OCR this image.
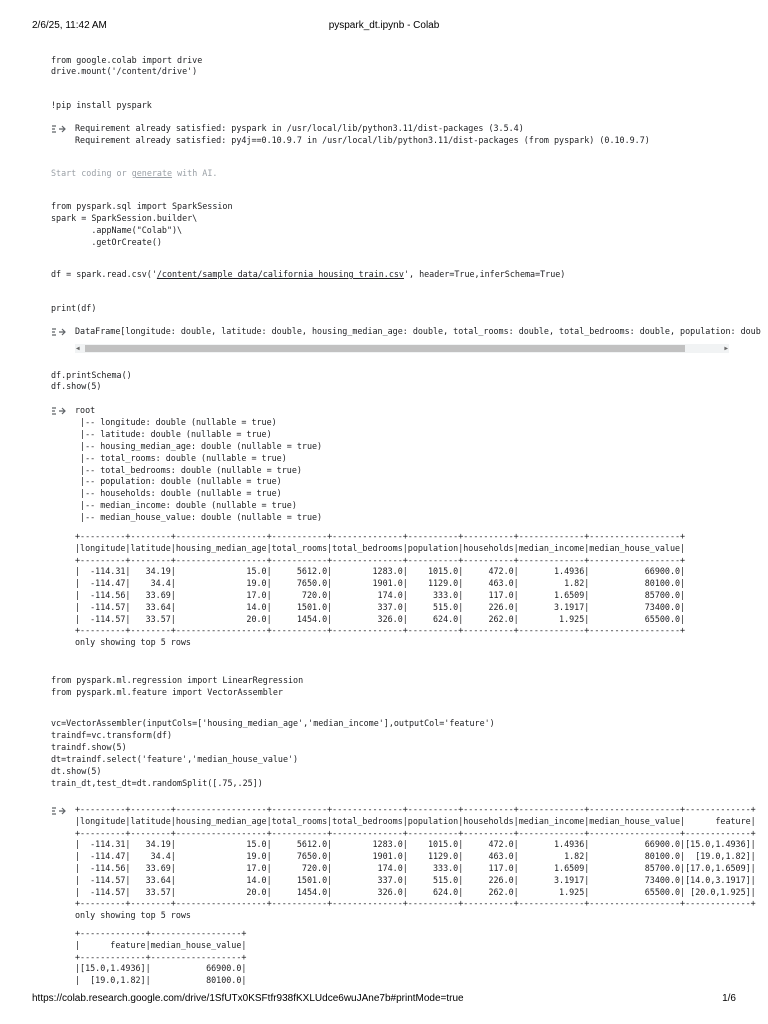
2/6/25, 11:42 AM	pyspark_dt.ipynb - Colab
from google.colab import drive
drive.mount('/content/drive')
!pip install pyspark
Requirement already satisfied: pyspark in /usr/local/lib/python3.11/dist-packages (3.5.4)
Requirement already satisfied: py4j==0.10.9.7 in /usr/local/lib/python3.11/dist-packages (from pyspark) (0.10.9.7)
Start coding or generate with AI.
from pyspark.sql import SparkSession
spark = SparkSession.builder\
.appName("Colab")\
.getOrCreate()
df = spark.read.csv('/content/sample_data/california_housing_train.csv', header=True,inferSchema=True)
print(df)
DataFrame[longitude: double, latitude: double, housing_median_age: double, total_rooms: double, total_bedrooms: double, population: doub
◀	▶
df.printSchema()
df.show(5)
root
|-- longitude: double (nullable = true)
|-- latitude: double (nullable = true)
|-- housing_median_age: double (nullable = true)
|-- total_rooms: double (nullable = true)
|-- total_bedrooms: double (nullable = true)
|-- population: double (nullable = true)
|-- households: double (nullable = true)
|-- median_income: double (nullable = true)
|-- median_house_value: double (nullable = true)
+---------+--------+------------------+-----------+--------------+----------+----------+-------------+------------------+
|longitude|latitude|housing_median_age|total_rooms|total_bedrooms|population|households|median_income|median_house_value|
+---------+--------+------------------+-----------+--------------+----------+----------+-------------+------------------+
|  -114.31|   34.19|              15.0|     5612.0|        1283.0|    1015.0|     472.0|       1.4936|           66900.0|
|  -114.47|    34.4|              19.0|     7650.0|        1901.0|    1129.0|     463.0|         1.82|           80100.0|
|  -114.56|   33.69|              17.0|      720.0|         174.0|     333.0|     117.0|       1.6509|           85700.0|
|  -114.57|   33.64|              14.0|     1501.0|         337.0|     515.0|     226.0|       3.1917|           73400.0|
|  -114.57|   33.57|              20.0|     1454.0|         326.0|     624.0|     262.0|        1.925|           65500.0|
+---------+--------+------------------+-----------+--------------+----------+----------+-------------+------------------+
only showing top 5 rows
from pyspark.ml.regression import LinearRegression
from pyspark.ml.feature import VectorAssembler
vc=VectorAssembler(inputCols=['housing_median_age','median_income'],outputCol='feature')
traindf=vc.transform(df)
traindf.show(5)
dt=traindf.select('feature','median_house_value')
dt.show(5)
train_dt,test_dt=dt.randomSplit([.75,.25])
+---------+--------+------------------+-----------+--------------+----------+----------+-------------+------------------+-------------+
|longitude|latitude|housing_median_age|total_rooms|total_bedrooms|population|households|median_income|median_house_value|      feature|
+---------+--------+------------------+-----------+--------------+----------+----------+-------------+------------------+-------------+
|  -114.31|   34.19|              15.0|     5612.0|        1283.0|    1015.0|     472.0|       1.4936|           66900.0|[15.0,1.4936]|
|  -114.47|    34.4|              19.0|     7650.0|        1901.0|    1129.0|     463.0|         1.82|           80100.0|  [19.0,1.82]|
|  -114.56|   33.69|              17.0|      720.0|         174.0|     333.0|     117.0|       1.6509|           85700.0|[17.0,1.6509]|
|  -114.57|   33.64|              14.0|     1501.0|         337.0|     515.0|     226.0|       3.1917|           73400.0|[14.0,3.1917]|
|  -114.57|   33.57|              20.0|     1454.0|         326.0|     624.0|     262.0|        1.925|           65500.0| [20.0,1.925]|
+---------+--------+------------------+-----------+--------------+----------+----------+-------------+------------------+-------------+
only showing top 5 rows
+-------------+------------------+
|      feature|median_house_value|
+-------------+------------------+
|[15.0,1.4936]|           66900.0|
|  [19.0,1.82]|           80100.0|
https://colab.research.google.com/drive/1SfUTx0KSFtfr938fKXLUdce6wuJAne7b#printMode=true	1/6
